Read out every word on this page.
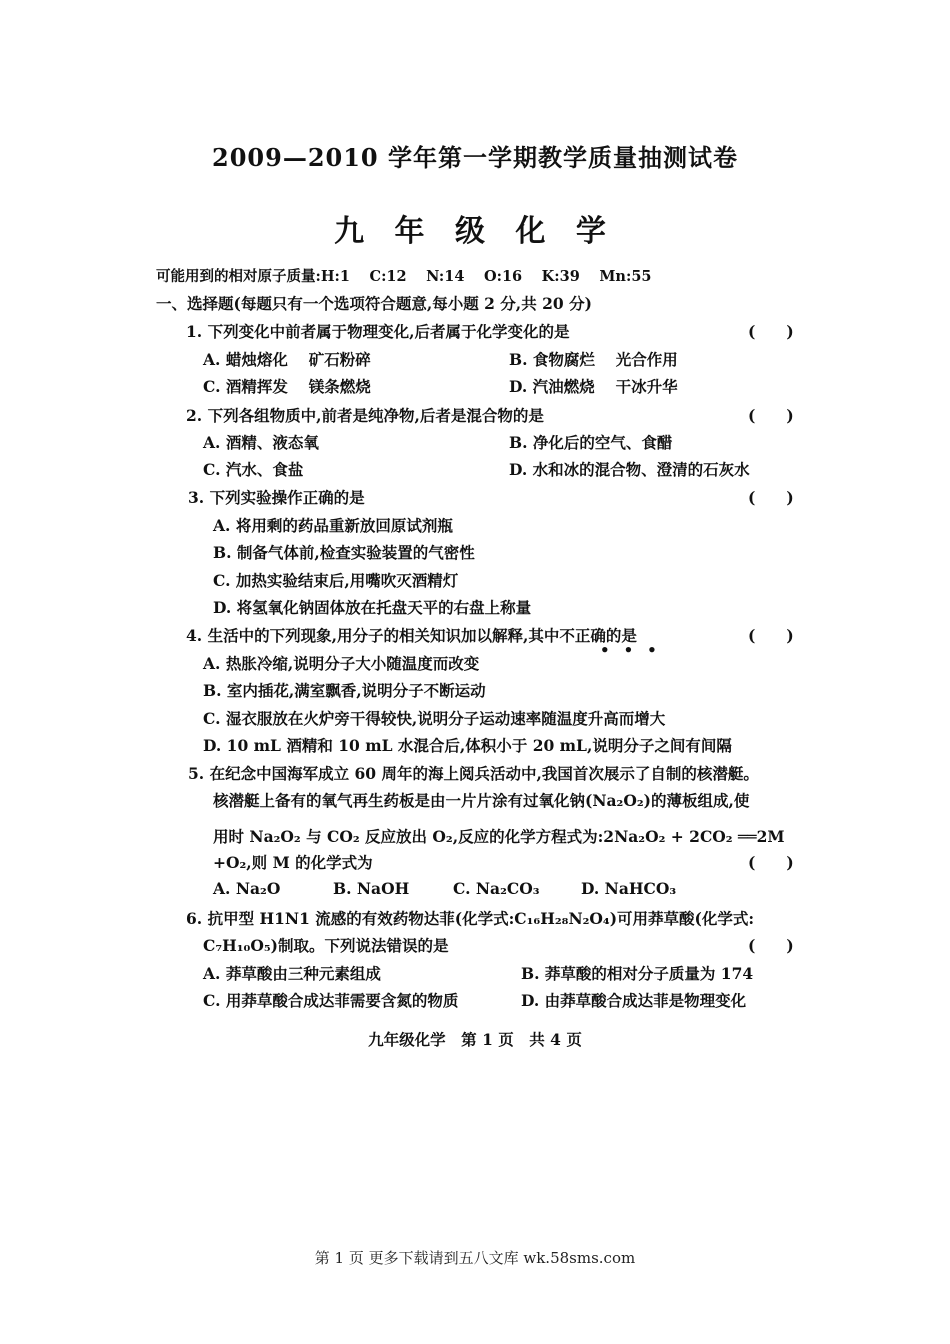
2009—2010 学年第一学期教学质量抽测试卷
九 年 级 化 学
可能用到的相对原子质量:H:1　 C:12　 N:14　 O:16　 K:39　 Mn:55
一、选择题(每题只有一个选项符合题意,每小题 2 分,共 20 分)
1. 下列变化中前者属于物理变化,后者属于化学变化的是	(　　)
A. 蜡烛熔化　 矿石粉碎	B. 食物腐烂　 光合作用
C. 酒精挥发　 镁条燃烧	D. 汽油燃烧　 干冰升华
2. 下列各组物质中,前者是纯净物,后者是混合物的是	(　　)
A. 酒精、液态氧	B. 净化后的空气、食醋
C. 汽水、食盐	D. 水和冰的混合物、澄清的石灰水
3. 下列实验操作正确的是	(　　)
A. 将用剩的药品重新放回原试剂瓶
B. 制备气体前,检查实验装置的气密性
C. 加热实验结束后,用嘴吹灭酒精灯
D. 将氢氧化钠固体放在托盘天平的右盘上称量
4. 生活中的下列现象,用分子的相关知识加以解释,其中不正确的是
•••
(　　)
A. 热胀冷缩,说明分子大小随温度而改变
B. 室内插花,满室飘香,说明分子不断运动
C. 湿衣服放在火炉旁干得较快,说明分子运动速率随温度升高而增大
D. 10 mL 酒精和 10 mL 水混合后,体积小于 20 mL,说明分子之间有间隔
5. 在纪念中国海军成立 60 周年的海上阅兵活动中,我国首次展示了自制的核潜艇。
核潜艇上备有的氧气再生药板是由一片片涂有过氧化钠(Na₂O₂)的薄板组成,使
用时 Na₂O₂ 与 CO₂ 反应放出 O₂,反应的化学方程式为:2Na₂O₂ + 2CO₂ ══2M
+O₂,则 M 的化学式为	(　　)
A. Na₂O	B. NaOH	C. Na₂CO₃	D. NaHCO₃
6. 抗甲型 H1N1 流感的有效药物达菲(化学式:C₁₆H₂₈N₂O₄)可用莽草酸(化学式:
C₇H₁₀O₅)制取。下列说法错误的是	(　　)
A. 莽草酸由三种元素组成	B. 莽草酸的相对分子质量为 174
C. 用莽草酸合成达菲需要含氮的物质	D. 由莽草酸合成达菲是物理变化
九年级化学　第 1 页　共 4 页
第 1 页 更多下载请到五八文库 wk.58sms.com
